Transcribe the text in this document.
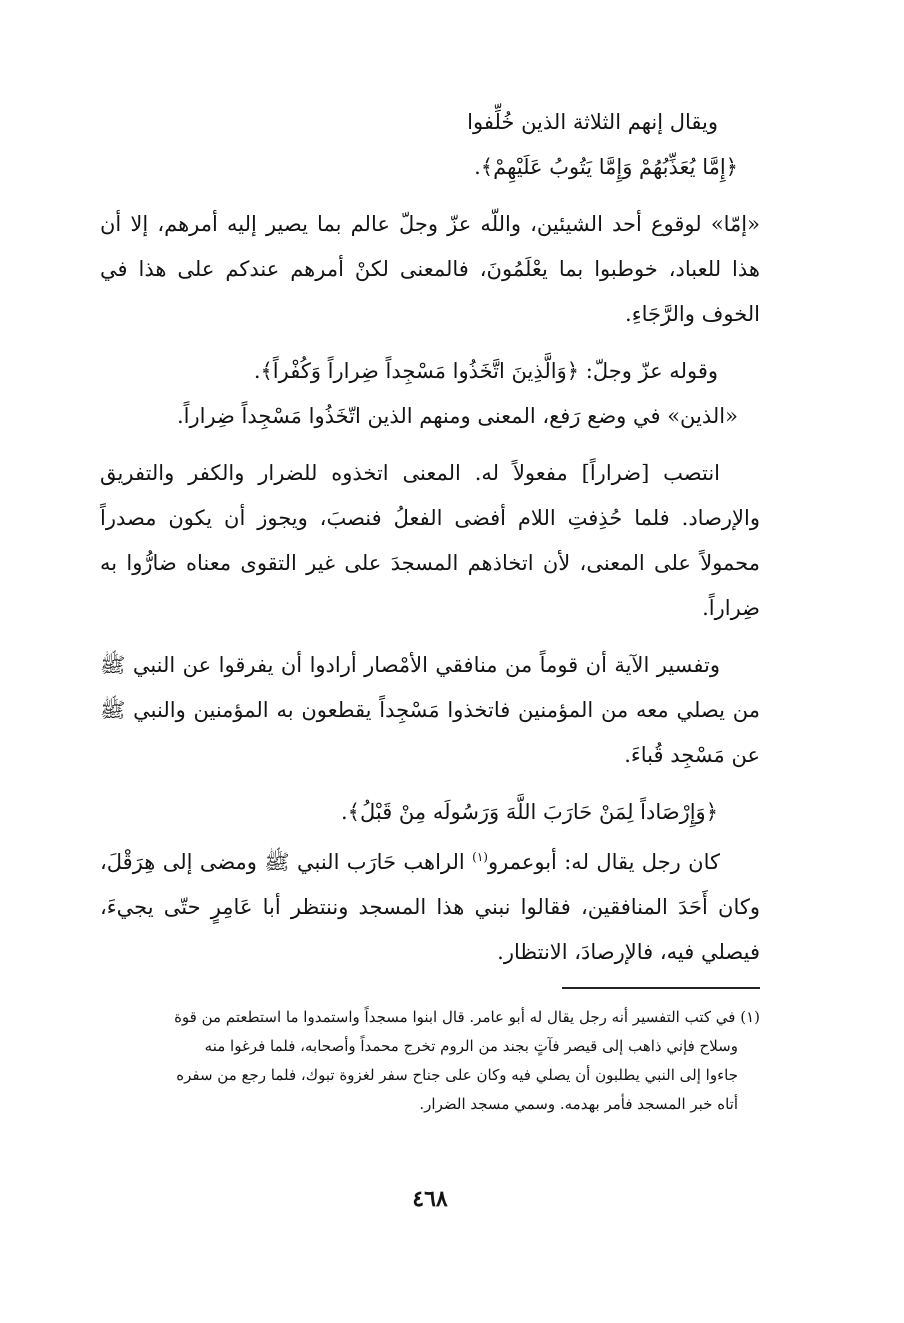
ويقال إنهم الثلاثة الذين خُلِّفوا

﴿إِمَّا يُعَذِّبُهُمْ وَإِمَّا يَتُوبُ عَلَيْهِمْ﴾.

«إمّا» لوقوع أحد الشيئين، واللّه عزّ وجلّ عالم بما يصير إليه أمرهم، إلا أن هذا للعباد، خوطبوا بما يعْلَمُونَ، فالمعنى لكنْ أمرهم عندكم على هذا في الخوف والرَّجَاءِ.

وقوله عزّ وجلّ: ﴿وَالَّذِينَ اتَّخَذُوا مَسْجِداً ضِراراً وَكُفْراً﴾.

«الذين» في وضع رَفع، المعنى ومنهم الذين اتّخَذُوا مَسْجِداً ضِراراً.

انتصب [ضراراً] مفعولاً له. المعنى اتخذوه للضرار والكفر والتفريق والإرصاد. فلما حُذِفتِ اللام أفضى الفعلُ فنصبَ، ويجوز أن يكون مصدراً محمولاً على المعنى، لأن اتخاذهم المسجدَ على غير التقوى معناه ضارُّوا به ضِراراً.

وتفسير الآية أن قوماً من منافقي الأمْصار أرادوا أن يفرقوا عن النبي ﷺ من يصلي معه من المؤمنين فاتخذوا مَسْجِداً يقطعون به المؤمنين والنبي ﷺ عن مَسْجِد قُباءَ.

﴿وَإِرْصَاداً لِمَنْ حَارَبَ اللَّهَ وَرَسُولَه مِنْ قَبْلُ﴾.

كان رجل يقال له: أبوعمرو$^{(١)}$ الراهب حَارَب النبي ﷺ ومضى إلى هِرَقْلَ، وكان أَحَدَ المنافقين، فقالوا نبني هذا المسجد وننتظر أبا عَامِرٍ حتّى يجيءَ، فيصلي فيه، فالإرصادَ، الانتظار.

(١) في كتب التفسير أنه رجل يقال له أبو عامر. قال ابنوا مسجداً واستمدوا ما استطعتم من قوة

وسلاح فإني ذاهب إلى قيصر فآتٍ بجند من الروم تخرج محمداً وأصحابه، فلما فرغوا منه

جاءوا إلى النبي يطلبون أن يصلي فيه وكان على جناح سفر لغزوة تبوك، فلما رجع من سفره

أتاه خبر المسجد فأمر بهدمه. وسمي مسجد الضرار.

٤٦٨
